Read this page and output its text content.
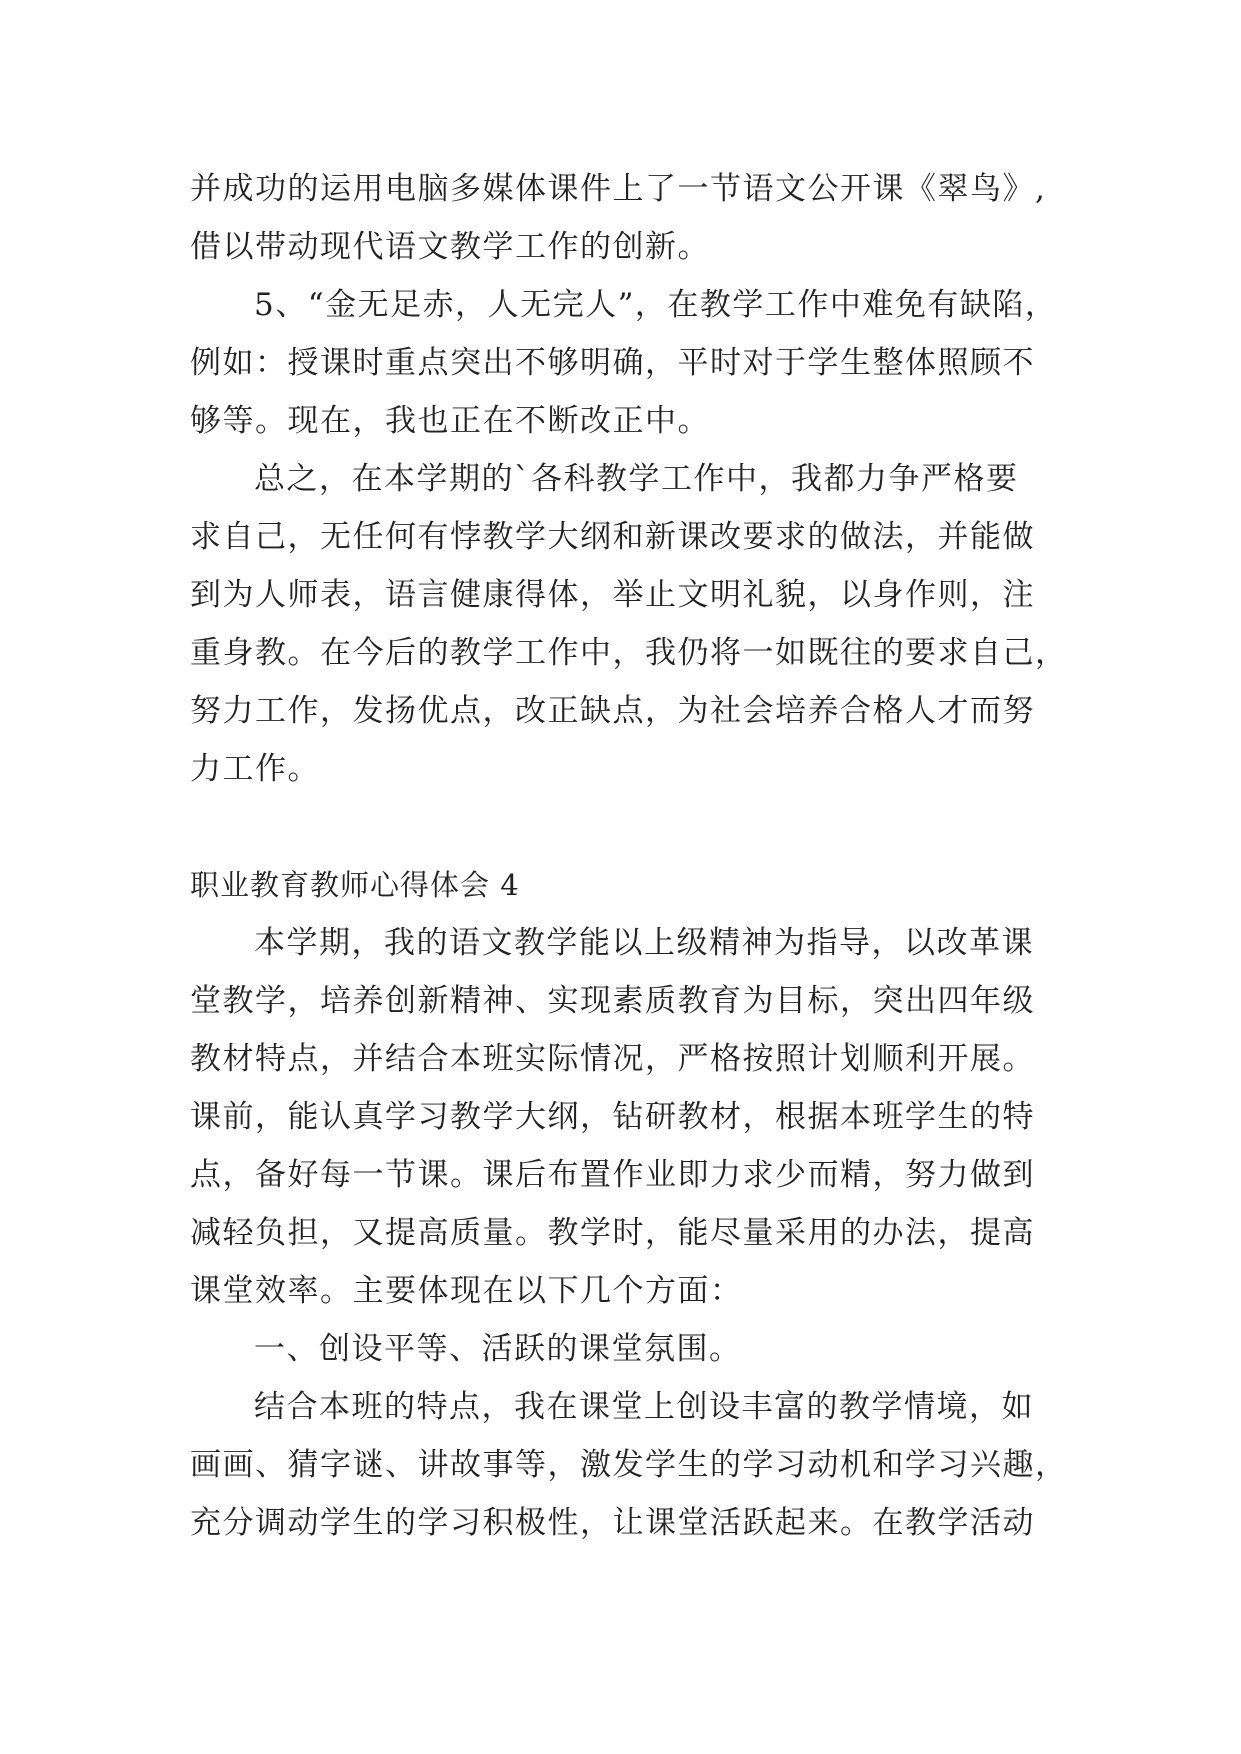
并成功的运用电脑多媒体课件上了一节语文公开课《翠鸟》,
借以带动现代语文教学工作的创新。
5、“金无足赤，人无完人”，在教学工作中难免有缺陷，
例如：授课时重点突出不够明确，平时对于学生整体照顾不
够等。现在，我也正在不断改正中。
总之，在本学期的`各科教学工作中，我都力争严格要
求自己，无任何有悖教学大纲和新课改要求的做法，并能做
到为人师表，语言健康得体，举止文明礼貌，以身作则，注
重身教。在今后的教学工作中，我仍将一如既往的要求自己，
努力工作，发扬优点，改正缺点，为社会培养合格人才而努
力工作。
职业教育教师心得体会 4
本学期，我的语文教学能以上级精神为指导，以改革课
堂教学，培养创新精神、实现素质教育为目标，突出四年级
教材特点，并结合本班实际情况，严格按照计划顺利开展。
课前，能认真学习教学大纲，钻研教材，根据本班学生的特
点，备好每一节课。课后布置作业即力求少而精，努力做到
减轻负担，又提高质量。教学时，能尽量采用的办法，提高
课堂效率。主要体现在以下几个方面：
一、创设平等、活跃的课堂氛围。
结合本班的特点，我在课堂上创设丰富的教学情境，如
画画、猜字谜、讲故事等，激发学生的学习动机和学习兴趣，
充分调动学生的学习积极性，让课堂活跃起来。在教学活动
